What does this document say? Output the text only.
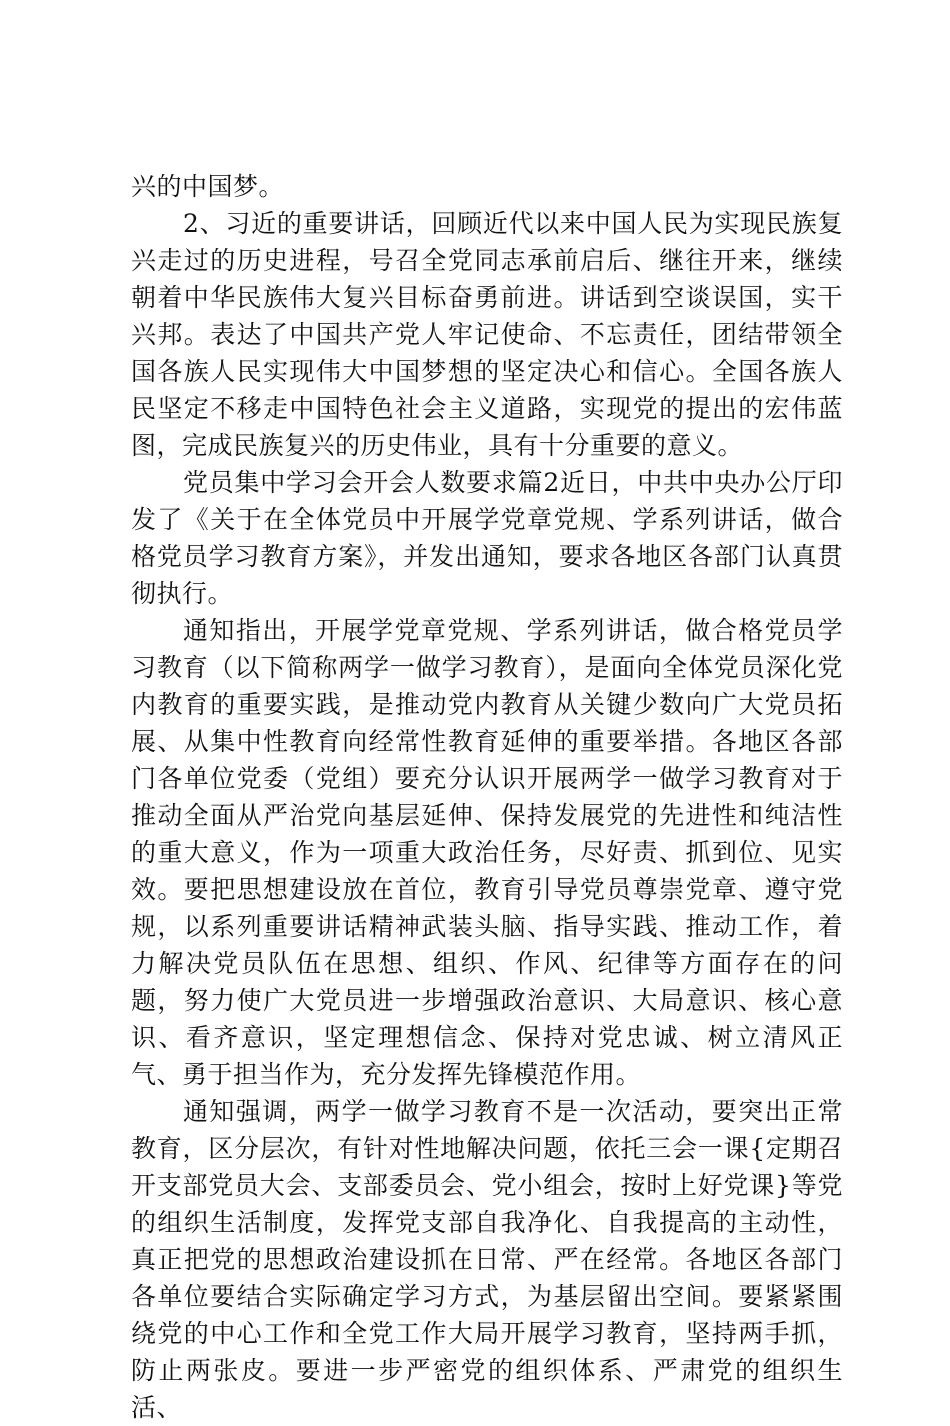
兴的中国梦。

2、习近的重要讲话，回顾近代以来中国人民为实现民族复兴走过的历史进程，号召全党同志承前启后、继往开来，继续朝着中华民族伟大复兴目标奋勇前进。讲话到空谈误国，实干兴邦。表达了中国共产党人牢记使命、不忘责任，团结带领全国各族人民实现伟大中国梦想的坚定决心和信心。全国各族人民坚定不移走中国特色社会主义道路，实现党的提出的宏伟蓝图，完成民族复兴的历史伟业，具有十分重要的意义。

党员集中学习会开会人数要求篇2近日，中共中央办公厅印发了《关于在全体党员中开展学党章党规、学系列讲话，做合格党员学习教育方案》，并发出通知，要求各地区各部门认真贯彻执行。

通知指出，开展学党章党规、学系列讲话，做合格党员学习教育（以下简称两学一做学习教育），是面向全体党员深化党内教育的重要实践，是推动党内教育从关键少数向广大党员拓展、从集中性教育向经常性教育延伸的重要举措。各地区各部门各单位党委（党组）要充分认识开展两学一做学习教育对于推动全面从严治党向基层延伸、保持发展党的先进性和纯洁性的重大意义，作为一项重大政治任务，尽好责、抓到位、见实效。要把思想建设放在首位，教育引导党员尊崇党章、遵守党规，以系列重要讲话精神武装头脑、指导实践、推动工作，着力解决党员队伍在思想、组织、作风、纪律等方面存在的问题，努力使广大党员进一步增强政治意识、大局意识、核心意识、看齐意识，坚定理想信念、保持对党忠诚、树立清风正气、勇于担当作为，充分发挥先锋模范作用。

通知强调，两学一做学习教育不是一次活动，要突出正常教育，区分层次，有针对性地解决问题，依托三会一课{定期召开支部党员大会、支部委员会、党小组会，按时上好党课}等党的组织生活制度，发挥党支部自我净化、自我提高的主动性，真正把党的思想政治建设抓在日常、严在经常。各地区各部门各单位要结合实际确定学习方式，为基层留出空间。要紧紧围绕党的中心工作和全党工作大局开展学习教育，坚持两手抓，防止两张皮。要进一步严密党的组织体系、严肃党的组织生活、
